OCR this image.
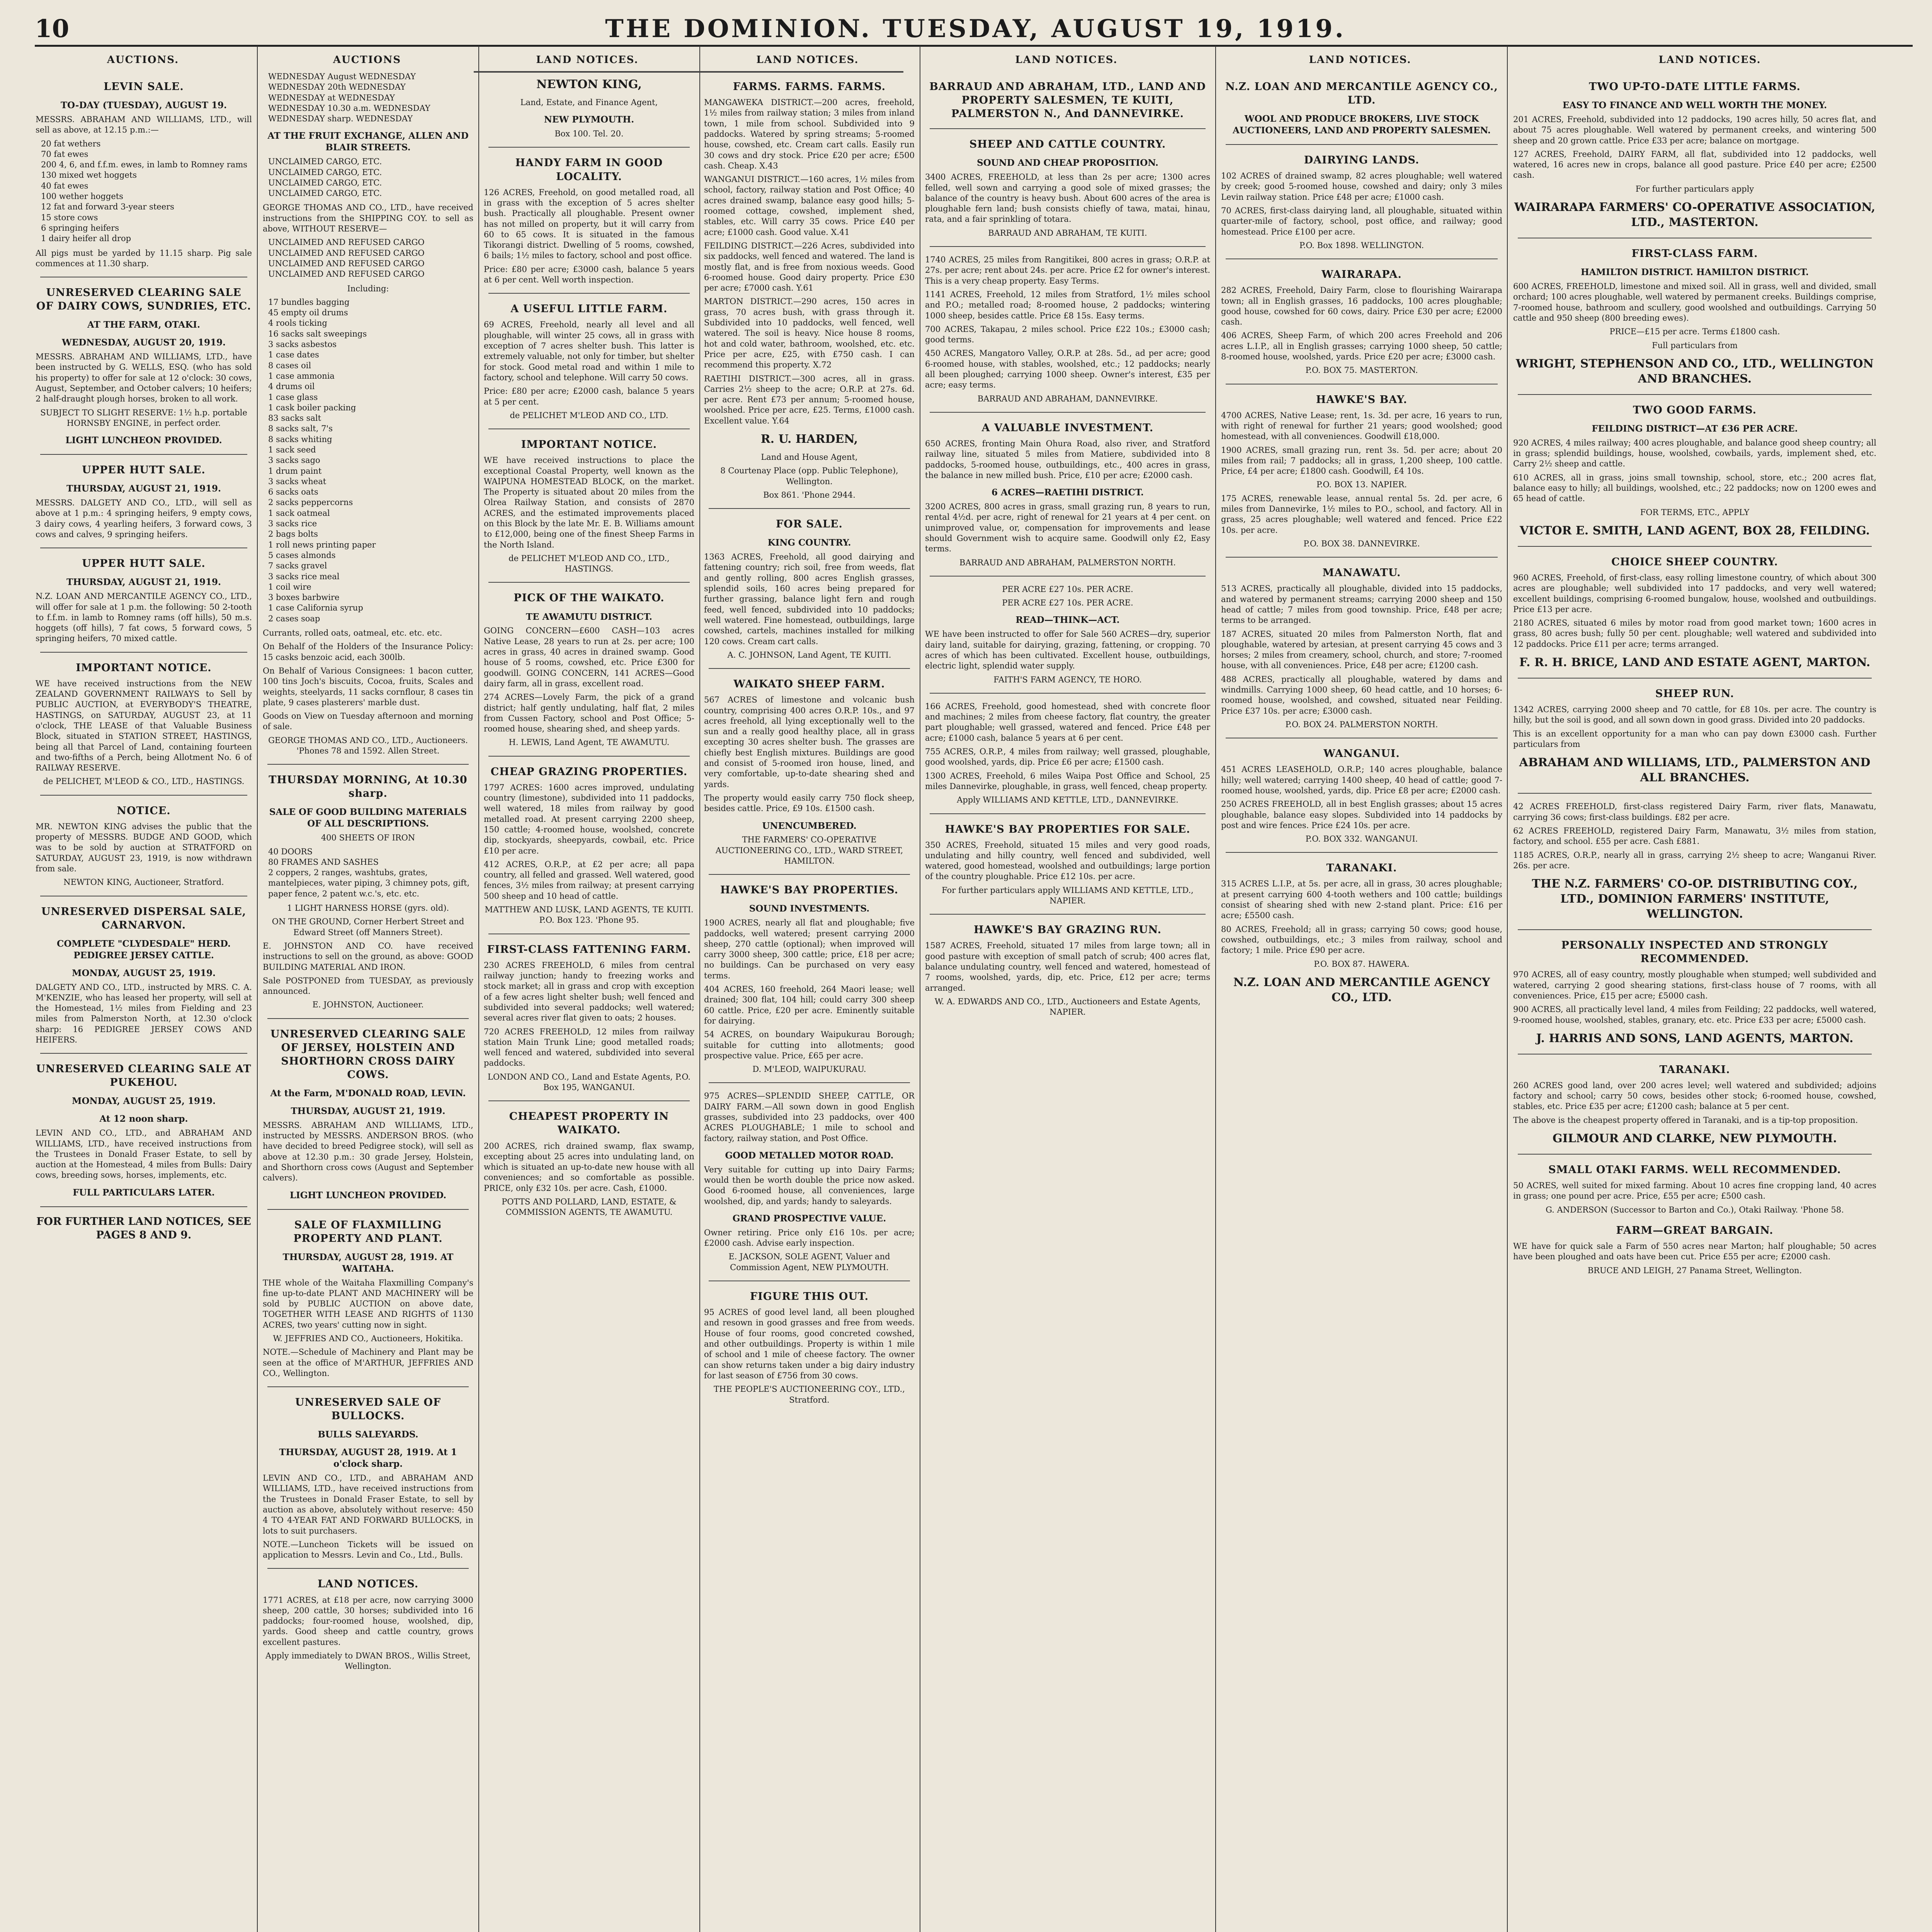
10	THE DOMINION. TUESDAY, AUGUST 19, 1919.
AUCTIONS.	AUCTIONS	LAND NOTICES.	LAND NOTICES.	LAND NOTICES.	LAND NOTICES.	LAND NOTICES.
LEVIN SALE.
TO-DAY (TUESDAY), AUGUST 19.

MESSRS. ABRAHAM AND WILLIAMS, LTD., will sell as above, at 12.15 p.m.:—

20 fat wethers
70 fat ewes
200 4, 6, and f.f.m. ewes, in lamb to Romney rams
130 mixed wet hoggets
40 fat ewes
100 wether hoggets
12 fat and forward 3-year steers
15 store cows
6 springing heifers
1 dairy heifer all drop

All pigs must be yarded by 11.15 sharp. Pig sale commences at 11.30 sharp.

UNRESERVED CLEARING SALE OF DAIRY COWS, SUNDRIES, ETC.
AT THE FARM, OTAKI.
WEDNESDAY, AUGUST 20, 1919.

MESSRS. ABRAHAM AND WILLIAMS, LTD., have been instructed by G. WELLS, ESQ. (who has sold his property) to offer for sale at 12 o'clock: 30 cows, August, September, and October calvers; 10 heifers; 2 half-draught plough horses, broken to all work.

SUBJECT TO SLIGHT RESERVE: 1½ h.p. portable HORNSBY ENGINE, in perfect order.

LIGHT LUNCHEON PROVIDED.
UPPER HUTT SALE.
THURSDAY, AUGUST 21, 1919.

MESSRS. DALGETY AND CO., LTD., will sell as above at 1 p.m.: 4 springing heifers, 9 empty cows, 3 dairy cows, 4 yearling heifers, 3 forward cows, 3 cows and calves, 9 springing heifers.

UPPER HUTT SALE.
THURSDAY, AUGUST 21, 1919.

N.Z. LOAN AND MERCANTILE AGENCY CO., LTD., will offer for sale at 1 p.m. the following: 50 2-tooth to f.f.m. in lamb to Romney rams (off hills), 50 m.s. hoggets (off hills), 7 fat cows, 5 forward cows, 5 springing heifers, 70 mixed cattle.

IMPORTANT NOTICE.

WE have received instructions from the NEW ZEALAND GOVERNMENT RAILWAYS to Sell by PUBLIC AUCTION, at EVERYBODY'S THEATRE, HASTINGS, on SATURDAY, AUGUST 23, at 11 o'clock, THE LEASE of that Valuable Business Block, situated in STATION STREET, HASTINGS, being all that Parcel of Land, containing fourteen and two-fifths of a Perch, being Allotment No. 6 of RAILWAY RESERVE.

de PELICHET, M'LEOD & CO., LTD., HASTINGS.

NOTICE.

MR. NEWTON KING advises the public that the property of MESSRS. BUDGE AND GOOD, which was to be sold by auction at STRATFORD on SATURDAY, AUGUST 23, 1919, is now withdrawn from sale.

NEWTON KING, Auctioneer, Stratford.

UNRESERVED DISPERSAL SALE, CARNARVON.
COMPLETE "CLYDESDALE" HERD. PEDIGREE JERSEY CATTLE.
MONDAY, AUGUST 25, 1919.

DALGETY AND CO., LTD., instructed by MRS. C. A. M'KENZIE, who has leased her property, will sell at the Homestead, 1½ miles from Fielding and 23 miles from Palmerston North, at 12.30 o'clock sharp: 16 PEDIGREE JERSEY COWS AND HEIFERS.

UNRESERVED CLEARING SALE AT PUKEHOU.
MONDAY, AUGUST 25, 1919.
At 12 noon sharp.

LEVIN AND CO., LTD., and ABRAHAM AND WILLIAMS, LTD., have received instructions from the Trustees in Donald Fraser Estate, to sell by auction at the Homestead, 4 miles from Bulls: Dairy cows, breeding sows, horses, implements, etc.

FULL PARTICULARS LATER.
FOR FURTHER LAND NOTICES, SEE PAGES 8 AND 9.
WEDNESDAY August WEDNESDAY
WEDNESDAY 20th WEDNESDAY
WEDNESDAY at WEDNESDAY
WEDNESDAY 10.30 a.m. WEDNESDAY
WEDNESDAY sharp. WEDNESDAY
AT THE FRUIT EXCHANGE, ALLEN AND BLAIR STREETS.
UNCLAIMED CARGO, ETC.
UNCLAIMED CARGO, ETC.
UNCLAIMED CARGO, ETC.
UNCLAIMED CARGO, ETC.

GEORGE THOMAS AND CO., LTD., have received instructions from the SHIPPING COY. to sell as above, WITHOUT RESERVE—

UNCLAIMED AND REFUSED CARGO
UNCLAIMED AND REFUSED CARGO
UNCLAIMED AND REFUSED CARGO
UNCLAIMED AND REFUSED CARGO

Including:

17 bundles bagging
45 empty oil drums
4 rools ticking
16 sacks salt sweepings
3 sacks asbestos
1 case dates
8 cases oil
1 case ammonia
4 drums oil
1 case glass
1 cask boiler packing
83 sacks salt
8 sacks salt, 7's
8 sacks whiting
1 sack seed
3 sacks sago
1 drum paint
3 sacks wheat
6 sacks oats
2 sacks peppercorns
1 sack oatmeal
3 sacks rice
2 bags bolts
1 roll news printing paper
5 cases almonds
7 sacks gravel
3 sacks rice meal
1 coil wire
3 boxes barbwire
1 case California syrup
2 cases soap

Currants, rolled oats, oatmeal, etc. etc. etc.

On Behalf of the Holders of the Insurance Policy: 15 casks benzoic acid, each 300lb.

On Behalf of Various Consignees: 1 bacon cutter, 100 tins Joch's biscuits, Cocoa, fruits, Scales and weights, steelyards, 11 sacks cornflour, 8 cases tin plate, 9 cases plasterers' marble dust.

Goods on View on Tuesday afternoon and morning of sale.

GEORGE THOMAS AND CO., LTD., Auctioneers. 'Phones 78 and 1592. Allen Street.

THURSDAY MORNING, At 10.30 sharp.
SALE OF GOOD BUILDING MATERIALS OF ALL DESCRIPTIONS.

400 SHEETS OF IRON

40 DOORS
80 FRAMES AND SASHES
2 coppers, 2 ranges, washtubs, grates, mantelpieces, water piping, 3 chimney pots, gift, paper fence, 2 patent w.c.'s, etc. etc.

1 LIGHT HARNESS HORSE (gyrs. old).

ON THE GROUND, Corner Herbert Street and Edward Street (off Manners Street).

E. JOHNSTON AND CO. have received instructions to sell on the ground, as above: GOOD BUILDING MATERIAL AND IRON.

Sale POSTPONED from TUESDAY, as previously announced.

E. JOHNSTON, Auctioneer.

UNRESERVED CLEARING SALE OF JERSEY, HOLSTEIN AND SHORTHORN CROSS DAIRY COWS.
At the Farm, M'DONALD ROAD, LEVIN.
THURSDAY, AUGUST 21, 1919.

MESSRS. ABRAHAM AND WILLIAMS, LTD., instructed by MESSRS. ANDERSON BROS. (who have decided to breed Pedigree stock), will sell as above at 12.30 p.m.: 30 grade Jersey, Holstein, and Shorthorn cross cows (August and September calvers).

LIGHT LUNCHEON PROVIDED.
SALE OF FLAXMILLING PROPERTY AND PLANT.
THURSDAY, AUGUST 28, 1919. AT WAITAHA.

THE whole of the Waitaha Flaxmilling Company's fine up-to-date PLANT AND MACHINERY will be sold by PUBLIC AUCTION on above date, TOGETHER WITH LEASE AND RIGHTS of 1130 ACRES, two years' cutting now in sight.

W. JEFFRIES AND CO., Auctioneers, Hokitika.

NOTE.—Schedule of Machinery and Plant may be seen at the office of M'ARTHUR, JEFFRIES AND CO., Wellington.

UNRESERVED SALE OF BULLOCKS.
BULLS SALEYARDS.
THURSDAY, AUGUST 28, 1919. At 1 o'clock sharp.

LEVIN AND CO., LTD., and ABRAHAM AND WILLIAMS, LTD., have received instructions from the Trustees in Donald Fraser Estate, to sell by auction as above, absolutely without reserve: 450 4 TO 4-YEAR FAT AND FORWARD BULLOCKS, in lots to suit purchasers.

NOTE.—Luncheon Tickets will be issued on application to Messrs. Levin and Co., Ltd., Bulls.

LAND NOTICES.

1771 ACRES, at £18 per acre, now carrying 3000 sheep, 200 cattle, 30 horses; subdivided into 16 paddocks; four-roomed house, woolshed, dip, yards. Good sheep and cattle country, grows excellent pastures.

Apply immediately to DWAN BROS., Willis Street, Wellington.

NEWTON KING,

Land, Estate, and Finance Agent,

NEW PLYMOUTH.

Box 100. Tel. 20.

HANDY FARM IN GOOD LOCALITY.

126 ACRES, Freehold, on good metalled road, all in grass with the exception of 5 acres shelter bush. Practically all ploughable. Present owner has not milled on property, but it will carry from 60 to 65 cows. It is situated in the famous Tikorangi district. Dwelling of 5 rooms, cowshed, 6 bails; 1½ miles to factory, school and post office.

Price: £80 per acre; £3000 cash, balance 5 years at 6 per cent. Well worth inspection.

A USEFUL LITTLE FARM.

69 ACRES, Freehold, nearly all level and all ploughable, will winter 25 cows, all in grass with exception of 7 acres shelter bush. This latter is extremely valuable, not only for timber, but shelter for stock. Good metal road and within 1 mile to factory, school and telephone. Will carry 50 cows.

Price: £80 per acre; £2000 cash, balance 5 years at 5 per cent.

de PELICHET M'LEOD AND CO., LTD.

IMPORTANT NOTICE.

WE have received instructions to place the exceptional Coastal Property, well known as the WAIPUNA HOMESTEAD BLOCK, on the market. The Property is situated about 20 miles from the Olrea Railway Station, and consists of 2870 ACRES, and the estimated improvements placed on this Block by the late Mr. E. B. Williams amount to £12,000, being one of the finest Sheep Farms in the North Island.

de PELICHET M'LEOD AND CO., LTD., HASTINGS.

PICK OF THE WAIKATO.
TE AWAMUTU DISTRICT.

GOING CONCERN—£600 CASH—103 acres Native Lease, 28 years to run at 2s. per acre; 100 acres in grass, 40 acres in drained swamp. Good house of 5 rooms, cowshed, etc. Price £300 for goodwill. GOING CONCERN, 141 ACRES—Good dairy farm, all in grass, excellent road.

274 ACRES—Lovely Farm, the pick of a grand district; half gently undulating, half flat, 2 miles from Cussen Factory, school and Post Office; 5-roomed house, shearing shed, and sheep yards.

H. LEWIS, Land Agent, TE AWAMUTU.

CHEAP GRAZING PROPERTIES.

1797 ACRES: 1600 acres improved, undulating country (limestone), subdivided into 11 paddocks, well watered, 18 miles from railway by good metalled road. At present carrying 2200 sheep, 150 cattle; 4-roomed house, woolshed, concrete dip, stockyards, sheepyards, cowbail, etc. Price £10 per acre.

412 ACRES, O.R.P., at £2 per acre; all papa country, all felled and grassed. Well watered, good fences, 3½ miles from railway; at present carrying 500 sheep and 10 head of cattle.

MATTHEW AND LUSK, LAND AGENTS, TE KUITI. P.O. Box 123. 'Phone 95.

FIRST-CLASS FATTENING FARM.

230 ACRES FREEHOLD, 6 miles from central railway junction; handy to freezing works and stock market; all in grass and crop with exception of a few acres light shelter bush; well fenced and subdivided into several paddocks; well watered; several acres river flat given to oats; 2 houses.

720 ACRES FREEHOLD, 12 miles from railway station Main Trunk Line; good metalled roads; well fenced and watered, subdivided into several paddocks.

LONDON AND CO., Land and Estate Agents, P.O. Box 195, WANGANUI.

CHEAPEST PROPERTY IN WAIKATO.

200 ACRES, rich drained swamp, flax swamp, excepting about 25 acres into undulating land, on which is situated an up-to-date new house with all conveniences; and so comfortable as possible. PRICE, only £32 10s. per acre. Cash, £1000.

POTTS AND POLLARD, LAND, ESTATE, & COMMISSION AGENTS, TE AWAMUTU.

FARMS. FARMS. FARMS.

MANGAWEKA DISTRICT.—200 acres, freehold, 1½ miles from railway station; 3 miles from inland town, 1 mile from school. Subdivided into 9 paddocks. Watered by spring streams; 5-roomed house, cowshed, etc. Cream cart calls. Easily run 30 cows and dry stock. Price £20 per acre; £500 cash. Cheap. X.43

WANGANUI DISTRICT.—160 acres, 1½ miles from school, factory, railway station and Post Office; 40 acres drained swamp, balance easy good hills; 5-roomed cottage, cowshed, implement shed, stables, etc. Will carry 35 cows. Price £40 per acre; £1000 cash. Good value. X.41

FEILDING DISTRICT.—226 Acres, subdivided into six paddocks, well fenced and watered. The land is mostly flat, and is free from noxious weeds. Good 6-roomed house. Good dairy property. Price £30 per acre; £7000 cash. Y.61

MARTON DISTRICT.—290 acres, 150 acres in grass, 70 acres bush, with grass through it. Subdivided into 10 paddocks, well fenced, well watered. The soil is heavy. Nice house 8 rooms, hot and cold water, bathroom, woolshed, etc. etc. Price per acre, £25, with £750 cash. I can recommend this property. X.72

RAETIHI DISTRICT.—300 acres, all in grass. Carries 2½ sheep to the acre; O.R.P. at 27s. 6d. per acre. Rent £73 per annum; 5-roomed house, woolshed. Price per acre, £25. Terms, £1000 cash. Excellent value. Y.64

R. U. HARDEN,

Land and House Agent,

8 Courtenay Place (opp. Public Telephone), Wellington.

Box 861. 'Phone 2944.

FOR SALE.
KING COUNTRY.

1363 ACRES, Freehold, all good dairying and fattening country; rich soil, free from weeds, flat and gently rolling, 800 acres English grasses, splendid soils, 160 acres being prepared for further grassing, balance light fern and rough feed, well fenced, subdivided into 10 paddocks; well watered. Fine homestead, outbuildings, large cowshed, cartels, machines installed for milking 120 cows. Cream cart calls.

A. C. JOHNSON, Land Agent, TE KUITI.

WAIKATO SHEEP FARM.

567 ACRES of limestone and volcanic bush country, comprising 400 acres O.R.P. 10s., and 97 acres freehold, all lying exceptionally well to the sun and a really good healthy place, all in grass excepting 30 acres shelter bush. The grasses are chiefly best English mixtures. Buildings are good and consist of 5-roomed iron house, lined, and very comfortable, up-to-date shearing shed and yards.

The property would easily carry 750 flock sheep, besides cattle. Price, £9 10s. £1500 cash.

UNENCUMBERED.

THE FARMERS' CO-OPERATIVE AUCTIONEERING CO., LTD., WARD STREET, HAMILTON.

HAWKE'S BAY PROPERTIES.
SOUND INVESTMENTS.

1900 ACRES, nearly all flat and ploughable; five paddocks, well watered; present carrying 2000 sheep, 270 cattle (optional); when improved will carry 3000 sheep, 300 cattle; price, £18 per acre; no buildings. Can be purchased on very easy terms.

404 ACRES, 160 freehold, 264 Maori lease; well drained; 300 flat, 104 hill; could carry 300 sheep 60 cattle. Price, £20 per acre. Eminently suitable for dairying.

54 ACRES, on boundary Waipukurau Borough; suitable for cutting into allotments; good prospective value. Price, £65 per acre.

D. M'LEOD, WAIPUKURAU.

975 ACRES—SPLENDID SHEEP, CATTLE, OR DAIRY FARM.—All sown down in good English grasses, subdivided into 23 paddocks, over 400 ACRES PLOUGHABLE; 1 mile to school and factory, railway station, and Post Office.

GOOD METALLED MOTOR ROAD.

Very suitable for cutting up into Dairy Farms; would then be worth double the price now asked. Good 6-roomed house, all conveniences, large woolshed, dip, and yards; handy to saleyards.

GRAND PROSPECTIVE VALUE.

Owner retiring. Price only £16 10s. per acre; £2000 cash. Advise early inspection.

E. JACKSON, SOLE AGENT, Valuer and Commission Agent, NEW PLYMOUTH.

FIGURE THIS OUT.

95 ACRES of good level land, all been ploughed and resown in good grasses and free from weeds. House of four rooms, good concreted cowshed, and other outbuildings. Property is within 1 mile of school and 1 mile of cheese factory. The owner can show returns taken under a big dairy industry for last season of £756 from 30 cows.

THE PEOPLE'S AUCTIONEERING COY., LTD., Stratford.

BARRAUD AND ABRAHAM, LTD., LAND AND PROPERTY SALESMEN, TE KUITI, PALMERSTON N., And DANNEVIRKE.
SHEEP AND CATTLE COUNTRY.
SOUND AND CHEAP PROPOSITION.

3400 ACRES, FREEHOLD, at less than 2s per acre; 1300 acres felled, well sown and carrying a good sole of mixed grasses; the balance of the country is heavy bush. About 600 acres of the area is ploughable fern land; bush consists chiefly of tawa, matai, hinau, rata, and a fair sprinkling of totara.

BARRAUD AND ABRAHAM, TE KUITI.

1740 ACRES, 25 miles from Rangitikei, 800 acres in grass; O.R.P. at 27s. per acre; rent about 24s. per acre. Price £2 for owner's interest. This is a very cheap property. Easy Terms.

1141 ACRES, Freehold, 12 miles from Stratford, 1½ miles school and P.O.; metalled road; 8-roomed house, 2 paddocks; wintering 1000 sheep, besides cattle. Price £8 15s. Easy terms.

700 ACRES, Takapau, 2 miles school. Price £22 10s.; £3000 cash; good terms.

450 ACRES, Mangatoro Valley, O.R.P. at 28s. 5d., ad per acre; good 6-roomed house, with stables, woolshed, etc.; 12 paddocks; nearly all been ploughed; carrying 1000 sheep. Owner's interest, £35 per acre; easy terms.

BARRAUD AND ABRAHAM, DANNEVIRKE.

A VALUABLE INVESTMENT.

650 ACRES, fronting Main Ohura Road, also river, and Stratford railway line, situated 5 miles from Matiere, subdivided into 8 paddocks, 5-roomed house, outbuildings, etc., 400 acres in grass, the balance in new milled bush. Price, £10 per acre; £2000 cash.

6 ACRES—RAETIHI DISTRICT.

3200 ACRES, 800 acres in grass, small grazing run, 8 years to run, rental 4½d. per acre, right of renewal for 21 years at 4 per cent. on unimproved value, or, compensation for improvements and lease should Government wish to acquire same. Goodwill only £2, Easy terms.

BARRAUD AND ABRAHAM, PALMERSTON NORTH.

PER ACRE £27 10s. PER ACRE.

PER ACRE £27 10s. PER ACRE.

READ—THINK—ACT.

WE have been instructed to offer for Sale 560 ACRES—dry, superior dairy land, suitable for dairying, grazing, fattening, or cropping. 70 acres of which has been cultivated. Excellent house, outbuildings, electric light, splendid water supply.

FAITH'S FARM AGENCY, TE HORO.

166 ACRES, Freehold, good homestead, shed with concrete floor and machines; 2 miles from cheese factory, flat country, the greater part ploughable; well grassed, watered and fenced. Price £48 per acre; £1000 cash, balance 5 years at 6 per cent.

755 ACRES, O.R.P., 4 miles from railway; well grassed, ploughable, good woolshed, yards, dip. Price £6 per acre; £1500 cash.

1300 ACRES, Freehold, 6 miles Waipa Post Office and School, 25 miles Dannevirke, ploughable, in grass, well fenced, cheap property.

Apply WILLIAMS AND KETTLE, LTD., DANNEVIRKE.

HAWKE'S BAY PROPERTIES FOR SALE.

350 ACRES, Freehold, situated 15 miles and very good roads, undulating and hilly country, well fenced and subdivided, well watered, good homestead, woolshed and outbuildings; large portion of the country ploughable. Price £12 10s. per acre.

For further particulars apply WILLIAMS AND KETTLE, LTD., NAPIER.

HAWKE'S BAY GRAZING RUN.

1587 ACRES, Freehold, situated 17 miles from large town; all in good pasture with exception of small patch of scrub; 400 acres flat, balance undulating country, well fenced and watered, homestead of 7 rooms, woolshed, yards, dip, etc. Price, £12 per acre; terms arranged.

W. A. EDWARDS AND CO., LTD., Auctioneers and Estate Agents, NAPIER.

N.Z. LOAN AND MERCANTILE AGENCY CO., LTD.
WOOL AND PRODUCE BROKERS, LIVE STOCK AUCTIONEERS, LAND AND PROPERTY SALESMEN.
DAIRYING LANDS.

102 ACRES of drained swamp, 82 acres ploughable; well watered by creek; good 5-roomed house, cowshed and dairy; only 3 miles Levin railway station. Price £48 per acre; £1000 cash.

70 ACRES, first-class dairying land, all ploughable, situated within quarter-mile of factory, school, post office, and railway; good homestead. Price £100 per acre.

P.O. Box 1898. WELLINGTON.

WAIRARAPA.

282 ACRES, Freehold, Dairy Farm, close to flourishing Wairarapa town; all in English grasses, 16 paddocks, 100 acres ploughable; good house, cowshed for 60 cows, dairy. Price £30 per acre; £2000 cash.

406 ACRES, Sheep Farm, of which 200 acres Freehold and 206 acres L.I.P., all in English grasses; carrying 1000 sheep, 50 cattle; 8-roomed house, woolshed, yards. Price £20 per acre; £3000 cash.

P.O. BOX 75. MASTERTON.

HAWKE'S BAY.

4700 ACRES, Native Lease; rent, 1s. 3d. per acre, 16 years to run, with right of renewal for further 21 years; good woolshed; good homestead, with all conveniences. Goodwill £18,000.

1900 ACRES, small grazing run, rent 3s. 5d. per acre; about 20 miles from rail; 7 paddocks; all in grass, 1,200 sheep, 100 cattle. Price, £4 per acre; £1800 cash. Goodwill, £4 10s.

P.O. BOX 13. NAPIER.

175 ACRES, renewable lease, annual rental 5s. 2d. per acre, 6 miles from Dannevirke, 1½ miles to P.O., school, and factory. All in grass, 25 acres ploughable; well watered and fenced. Price £22 10s. per acre.

P.O. BOX 38. DANNEVIRKE.

MANAWATU.

513 ACRES, practically all ploughable, divided into 15 paddocks, and watered by permanent streams; carrying 2000 sheep and 150 head of cattle; 7 miles from good township. Price, £48 per acre; terms to be arranged.

187 ACRES, situated 20 miles from Palmerston North, flat and ploughable, watered by artesian, at present carrying 45 cows and 3 horses; 2 miles from creamery, school, church, and store; 7-roomed house, with all conveniences. Price, £48 per acre; £1200 cash.

488 ACRES, practically all ploughable, watered by dams and windmills. Carrying 1000 sheep, 60 head cattle, and 10 horses; 6-roomed house, woolshed, and cowshed, situated near Feilding. Price £37 10s. per acre; £3000 cash.

P.O. BOX 24. PALMERSTON NORTH.

WANGANUI.

451 ACRES LEASEHOLD, O.R.P.; 140 acres ploughable, balance hilly; well watered; carrying 1400 sheep, 40 head of cattle; good 7-roomed house, woolshed, yards, dip. Price £8 per acre; £2000 cash.

250 ACRES FREEHOLD, all in best English grasses; about 15 acres ploughable, balance easy slopes. Subdivided into 14 paddocks by post and wire fences. Price £24 10s. per acre.

P.O. BOX 332. WANGANUI.

TARANAKI.

315 ACRES L.I.P., at 5s. per acre, all in grass, 30 acres ploughable; at present carrying 600 4-tooth wethers and 100 cattle; buildings consist of shearing shed with new 2-stand plant. Price: £16 per acre; £5500 cash.

80 ACRES, Freehold; all in grass; carrying 50 cows; good house, cowshed, outbuildings, etc.; 3 miles from railway, school and factory; 1 mile. Price £90 per acre.

P.O. BOX 87. HAWERA.

N.Z. LOAN AND MERCANTILE AGENCY CO., LTD.
TWO UP-TO-DATE LITTLE FARMS.
EASY TO FINANCE AND WELL WORTH THE MONEY.

201 ACRES, Freehold, subdivided into 12 paddocks, 190 acres hilly, 50 acres flat, and about 75 acres ploughable. Well watered by permanent creeks, and wintering 500 sheep and 20 grown cattle. Price £33 per acre; balance on mortgage.

127 ACRES, Freehold, DAIRY FARM, all flat, subdivided into 12 paddocks, well watered, 16 acres new in crops, balance all good pasture. Price £40 per acre; £2500 cash.

For further particulars apply

WAIRARAPA FARMERS' CO-OPERATIVE ASSOCIATION, LTD., MASTERTON.
FIRST-CLASS FARM.
HAMILTON DISTRICT. HAMILTON DISTRICT.

600 ACRES, FREEHOLD, limestone and mixed soil. All in grass, well and divided, small orchard; 100 acres ploughable, well watered by permanent creeks. Buildings comprise, 7-roomed house, bathroom and scullery, good woolshed and outbuildings. Carrying 50 cattle and 950 sheep (800 breeding ewes).

PRICE—£15 per acre. Terms £1800 cash.

Full particulars from

WRIGHT, STEPHENSON AND CO., LTD., WELLINGTON AND BRANCHES.
TWO GOOD FARMS.
FEILDING DISTRICT—AT £36 PER ACRE.

920 ACRES, 4 miles railway; 400 acres ploughable, and balance good sheep country; all in grass; splendid buildings, house, woolshed, cowbails, yards, implement shed, etc. Carry 2½ sheep and cattle.

610 ACRES, all in grass, joins small township, school, store, etc.; 200 acres flat, balance easy to hilly; all buildings, woolshed, etc.; 22 paddocks; now on 1200 ewes and 65 head of cattle.

FOR TERMS, ETC., APPLY

VICTOR E. SMITH, LAND AGENT, BOX 28, FEILDING.
CHOICE SHEEP COUNTRY.

960 ACRES, Freehold, of first-class, easy rolling limestone country, of which about 300 acres are ploughable; well subdivided into 17 paddocks, and very well watered; excellent buildings, comprising 6-roomed bungalow, house, woolshed and outbuildings. Price £13 per acre.

2180 ACRES, situated 6 miles by motor road from good market town; 1600 acres in grass, 80 acres bush; fully 50 per cent. ploughable; well watered and subdivided into 12 paddocks. Price £11 per acre; terms arranged.

F. R. H. BRICE, LAND AND ESTATE AGENT, MARTON.
SHEEP RUN.

1342 ACRES, carrying 2000 sheep and 70 cattle, for £8 10s. per acre. The country is hilly, but the soil is good, and all sown down in good grass. Divided into 20 paddocks.

This is an excellent opportunity for a man who can pay down £3000 cash. Further particulars from

ABRAHAM AND WILLIAMS, LTD., PALMERSTON AND ALL BRANCHES.

42 ACRES FREEHOLD, first-class registered Dairy Farm, river flats, Manawatu, carrying 36 cows; first-class buildings. £82 per acre.

62 ACRES FREEHOLD, registered Dairy Farm, Manawatu, 3½ miles from station, factory, and school. £55 per acre. Cash £881.

1185 ACRES, O.R.P., nearly all in grass, carrying 2½ sheep to acre; Wanganui River. 26s. per acre.

THE N.Z. FARMERS' CO-OP. DISTRIBUTING COY., LTD., DOMINION FARMERS' INSTITUTE, WELLINGTON.
PERSONALLY INSPECTED AND STRONGLY RECOMMENDED.

970 ACRES, all of easy country, mostly ploughable when stumped; well subdivided and watered, carrying 2 good shearing stations, first-class house of 7 rooms, with all conveniences. Price, £15 per acre; £5000 cash.

900 ACRES, all practically level land, 4 miles from Feilding; 22 paddocks, well watered, 9-roomed house, woolshed, stables, granary, etc. etc. Price £33 per acre; £5000 cash.

J. HARRIS AND SONS, LAND AGENTS, MARTON.
TARANAKI.

260 ACRES good land, over 200 acres level; well watered and subdivided; adjoins factory and school; carry 50 cows, besides other stock; 6-roomed house, cowshed, stables, etc. Price £35 per acre; £1200 cash; balance at 5 per cent.

The above is the cheapest property offered in Taranaki, and is a tip-top proposition.

GILMOUR AND CLARKE, NEW PLYMOUTH.
SMALL OTAKI FARMS. WELL RECOMMENDED.

50 ACRES, well suited for mixed farming. About 10 acres fine cropping land, 40 acres in grass; one pound per acre. Price, £55 per acre; £500 cash.

G. ANDERSON (Successor to Barton and Co.), Otaki Railway. 'Phone 58.

FARM—GREAT BARGAIN.

WE have for quick sale a Farm of 550 acres near Marton; half ploughable; 50 acres have been ploughed and oats have been cut. Price £55 per acre; £2000 cash.

BRUCE AND LEIGH, 27 Panama Street, Wellington.
